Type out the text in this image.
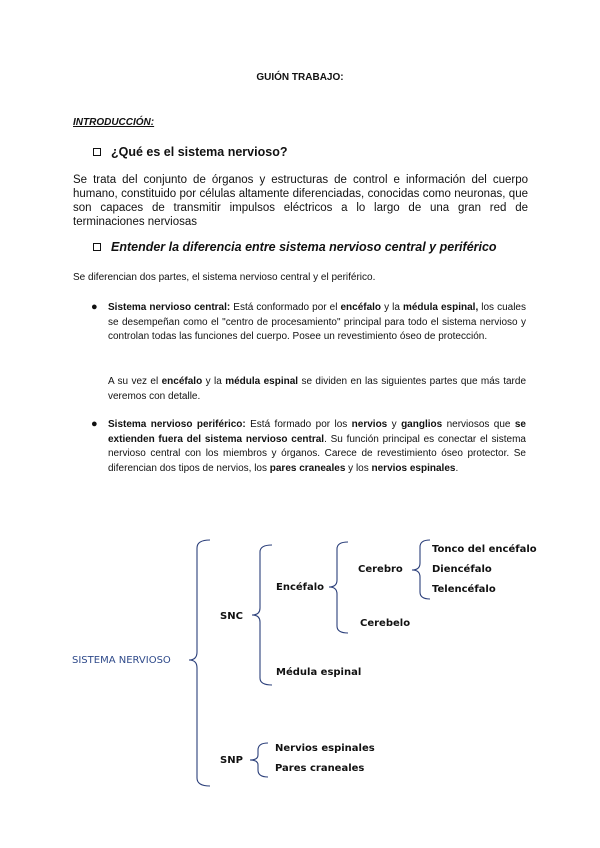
GUIÓN TRABAJO:
INTRODUCCIÓN:
¿Qué es el sistema nervioso?
Se trata del conjunto de órganos y estructuras de control e información del cuerpo humano, constituido por células altamente diferenciadas, conocidas como neuronas, que son capaces de transmitir impulsos eléctricos a lo largo de una gran red de terminaciones nerviosas
Entender la diferencia entre sistema nervioso central y periférico
Se diferencian dos partes, el sistema nervioso central y el periférico.
● Sistema nervioso central: Está conformado por el encéfalo y la médula espinal, los cuales se desempeñan como el "centro de procesamiento" principal para todo el sistema nervioso y controlan todas las funciones del cuerpo. Posee un revestimiento óseo de protección.
A su vez el encéfalo y la médula espinal se dividen en las siguientes partes que más tarde veremos con detalle.
● Sistema nervioso periférico: Está formado por los nervios y ganglios nerviosos que se extienden fuera del sistema nervioso central. Su función principal es conectar el sistema nervioso central con los miembros y órganos. Carece de revestimiento óseo protector. Se diferencian dos tipos de nervios, los pares craneales y los nervios espinales.
SISTEMA NERVIOSO
SNC
Encéfalo
Cerebro
Tonco del encéfalo
Diencéfalo
Telencéfalo
Cerebelo
Médula espinal
SNP
Nervios espinales
Pares craneales
